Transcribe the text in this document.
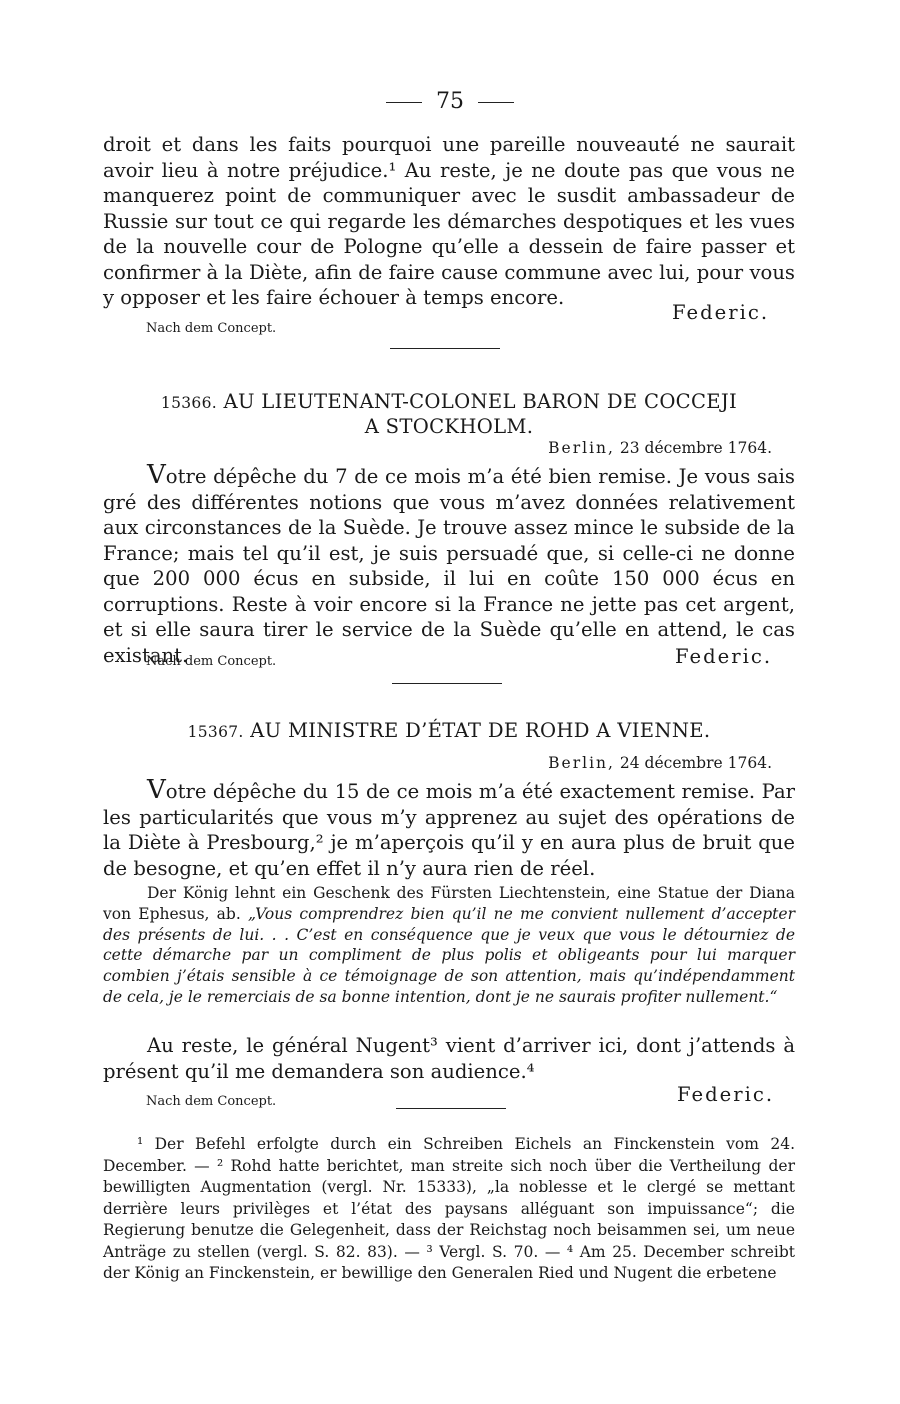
75
droit et dans les faits pourquoi une pareille nouveauté ne saurait avoir lieu à notre préjudice.¹ Au reste, je ne doute pas que vous ne manquerez point de communiquer avec le susdit ambassadeur de Russie sur tout ce qui regarde les démarches despotiques et les vues de la nouvelle cour de Pologne qu’elle a dessein de faire passer et confirmer à la Diète, afin de faire cause commune avec lui, pour vous y opposer et les faire échouer à temps encore.
Federic.
Nach dem Concept.
15366. AU LIEUTENANT-COLONEL BARON DE COCCEJI
A STOCKHOLM.
Berlin, 23 décembre 1764.
Votre dépêche du 7 de ce mois m’a été bien remise. Je vous sais gré des différentes notions que vous m’avez données relativement aux circonstances de la Suède. Je trouve assez mince le subside de la France; mais tel qu’il est, je suis persuadé que, si celle-ci ne donne que 200 000 écus en subside, il lui en coûte 150 000 écus en corruptions. Reste à voir encore si la France ne jette pas cet argent, et si elle saura tirer le service de la Suède qu’elle en attend, le cas existant.
Nach dem Concept.	Federic.
15367. AU MINISTRE D’ÉTAT DE ROHD A VIENNE.
Berlin, 24 décembre 1764.
Votre dépêche du 15 de ce mois m’a été exactement remise. Par les particularités que vous m’y apprenez au sujet des opérations de la Diète à Presbourg,² je m’aperçois qu’il y en aura plus de bruit que de besogne, et qu’en effet il n’y aura rien de réel.
Der König lehnt ein Geschenk des Fürsten Liechtenstein, eine Statue der Diana von Ephesus, ab. „Vous comprendrez bien qu’il ne me convient nullement d’accepter des présents de lui. . . C’est en conséquence que je veux que vous le détourniez de cette démarche par un compliment de plus polis et obligeants pour lui marquer combien j’étais sensible à ce témoignage de son attention, mais qu’indépendamment de cela, je le remerciais de sa bonne intention, dont je ne saurais profiter nullement.“
Au reste, le général Nugent³ vient d’arriver ici, dont j’attends à présent qu’il me demandera son audience.⁴
Nach dem Concept.	Federic.
¹ Der Befehl erfolgte durch ein Schreiben Eichels an Finckenstein vom 24. December. — ² Rohd hatte berichtet, man streite sich noch über die Vertheilung der bewilligten Augmentation (vergl. Nr. 15333), „la noblesse et le clergé se mettant derrière leurs privilèges et l’état des paysans alléguant son impuissance“; die Regierung benutze die Gelegenheit, dass der Reichstag noch beisammen sei, um neue Anträge zu stellen (vergl. S. 82. 83). — ³ Vergl. S. 70. — ⁴ Am 25. December schreibt der König an Finckenstein, er bewillige den Generalen Ried und Nugent die erbetene
